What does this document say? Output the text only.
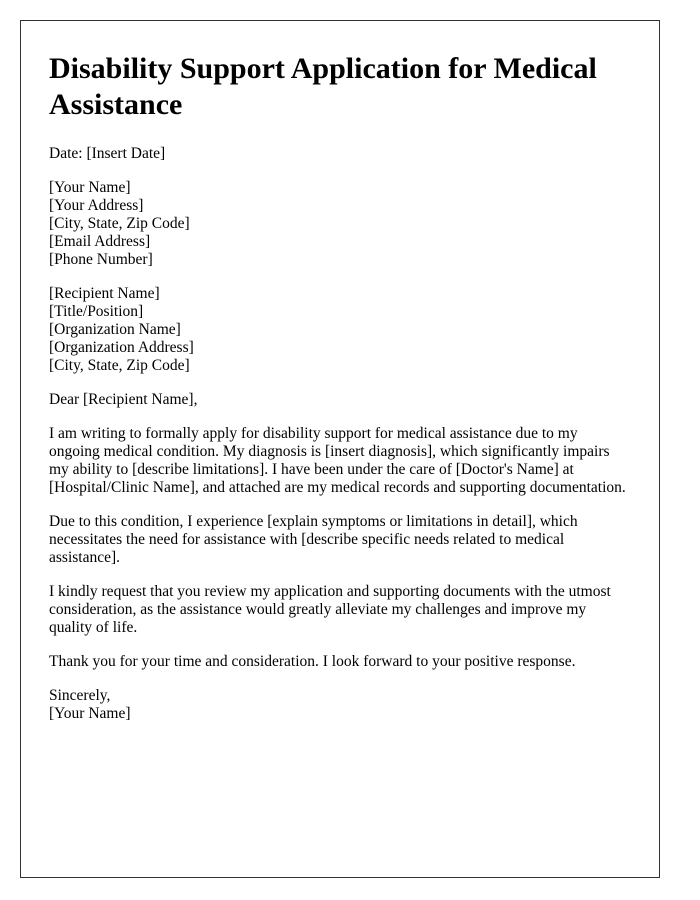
Disability Support Application for Medical Assistance

Date: [Insert Date]

[Your Name]
[Your Address]
[City, State, Zip Code]
[Email Address]
[Phone Number]

[Recipient Name]
[Title/Position]
[Organization Name]
[Organization Address]
[City, State, Zip Code]

Dear [Recipient Name],

I am writing to formally apply for disability support for medical assistance due to my ongoing medical condition. My diagnosis is [insert diagnosis], which significantly impairs my ability to [describe limitations]. I have been under the care of [Doctor's Name] at [Hospital/Clinic Name], and attached are my medical records and supporting documentation.

Due to this condition, I experience [explain symptoms or limitations in detail], which necessitates the need for assistance with [describe specific needs related to medical assistance].

I kindly request that you review my application and supporting documents with the utmost consideration, as the assistance would greatly alleviate my challenges and improve my quality of life.

Thank you for your time and consideration. I look forward to your positive response.

Sincerely,
[Your Name]
